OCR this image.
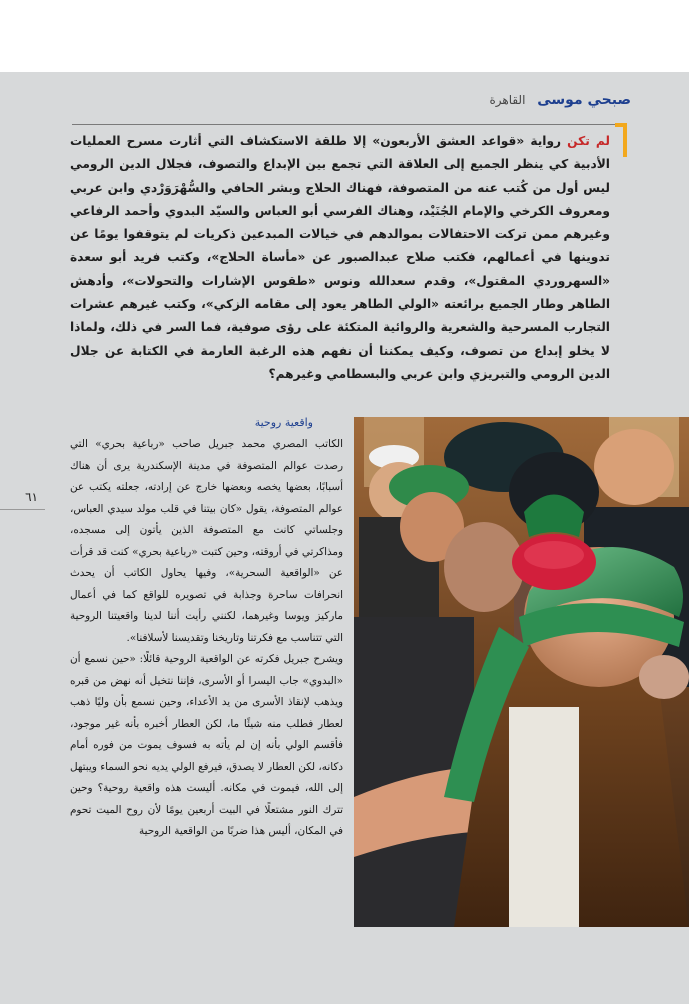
صبحي موسى القاهرة
لم تكن رواية «قواعد العشق الأربعون» إلا طلقة الاستكشاف التي أثارت مسرح العمليات الأدبية كي ينظر الجميع إلى العلاقة التي تجمع بين الإبداع والتصوف، فجلال الدين الرومي ليس أول من كُتب عنه من المتصوفة، فهناك الحلاج وبشر الحافي والسُّهْرَوَرْدي وابن عربي ومعروف الكرخي والإمام الجُنَيْد، وهناك الفرسي أبو العباس والسيّد البدوي وأحمد الرفاعي وغيرهم ممن تركت الاحتفالات بموالدهم في خيالات المبدعين ذكريات لم يتوقفوا يومًا عن تدوينها في أعمالهم، فكتب صلاح عبدالصبور عن «مأساة الحلاج»، وكتب فريد أبو سعدة «السهروردي المقتول»، وقدم سعدالله ونوس «طقوس الإشارات والتحولات»، وأدهش الطاهر وطار الجميع برائعته «الولي الطاهر يعود إلى مقامه الزكي»، وكتب غيرهم عشرات التجارب المسرحية والشعرية والروائية المتكئة على رؤى صوفية، فما السر في ذلك، ولماذا لا يخلو إبداع من تصوف، وكيف يمكننا أن نفهم هذه الرغبة العارمة في الكتابة عن جلال الدين الرومي والتبريزي وابن عربي والبسطامي وغيرهم؟
٦١
واقعية روحية

الكاتب المصري محمد جبريل صاحب «رباعية بحري» التي رصدت عوالم المتصوفة في مدينة الإسكندرية يرى أن هناك أسبابًا، بعضها يخصه وبعضها خارج عن إرادته، جعلته يكتب عن عوالم المتصوفة، يقول «كان بيتنا في قلب مولد سيدي العباس، وجلساتي كانت مع المتصوفة الذين يأتون إلى مسجده، ومذاكرتي في أروقته، وحين كتبت «رباعية بحري» كنت قد قرأت عن «الواقعية السحرية»، وفيها يحاول الكاتب أن يحدث انحرافات ساحرة وجذابة في تصويره للواقع كما في أعمال ماركيز ويوسا وغيرهما، لكنني رأيت أننا لدينا واقعيتنا الروحية التي تتناسب مع فكرتنا وتاريخنا وتقديسنا لأسلافنا».

ويشرح جبريل فكرته عن الواقعية الروحية قائلًا: «حين نسمع أن «البدوي» جاب اليسرا أو الأسرى، فإننا نتخيل أنه نهض من قبره ويذهب لإنقاذ الأسرى من يد الأعداء، وحين نسمع بأن وليًا ذهب لعطار فطلب منه شيئًا ما، لكن العطار أخبره بأنه غير موجود، فأقسم الولي بأنه إن لم يأته به فسوف يموت من فوره أمام دكانه، لكن العطار لا يصدق، فيرفع الولي يديه نحو السماء ويبتهل إلى الله، فيموت في مكانه. أليست هذه واقعية روحية؟ وحين تترك النور مشتعلًا في البيت أربعين يومًا لأن روح الميت تحوم في المكان، أليس هذا ضربًا من الواقعية الروحية
